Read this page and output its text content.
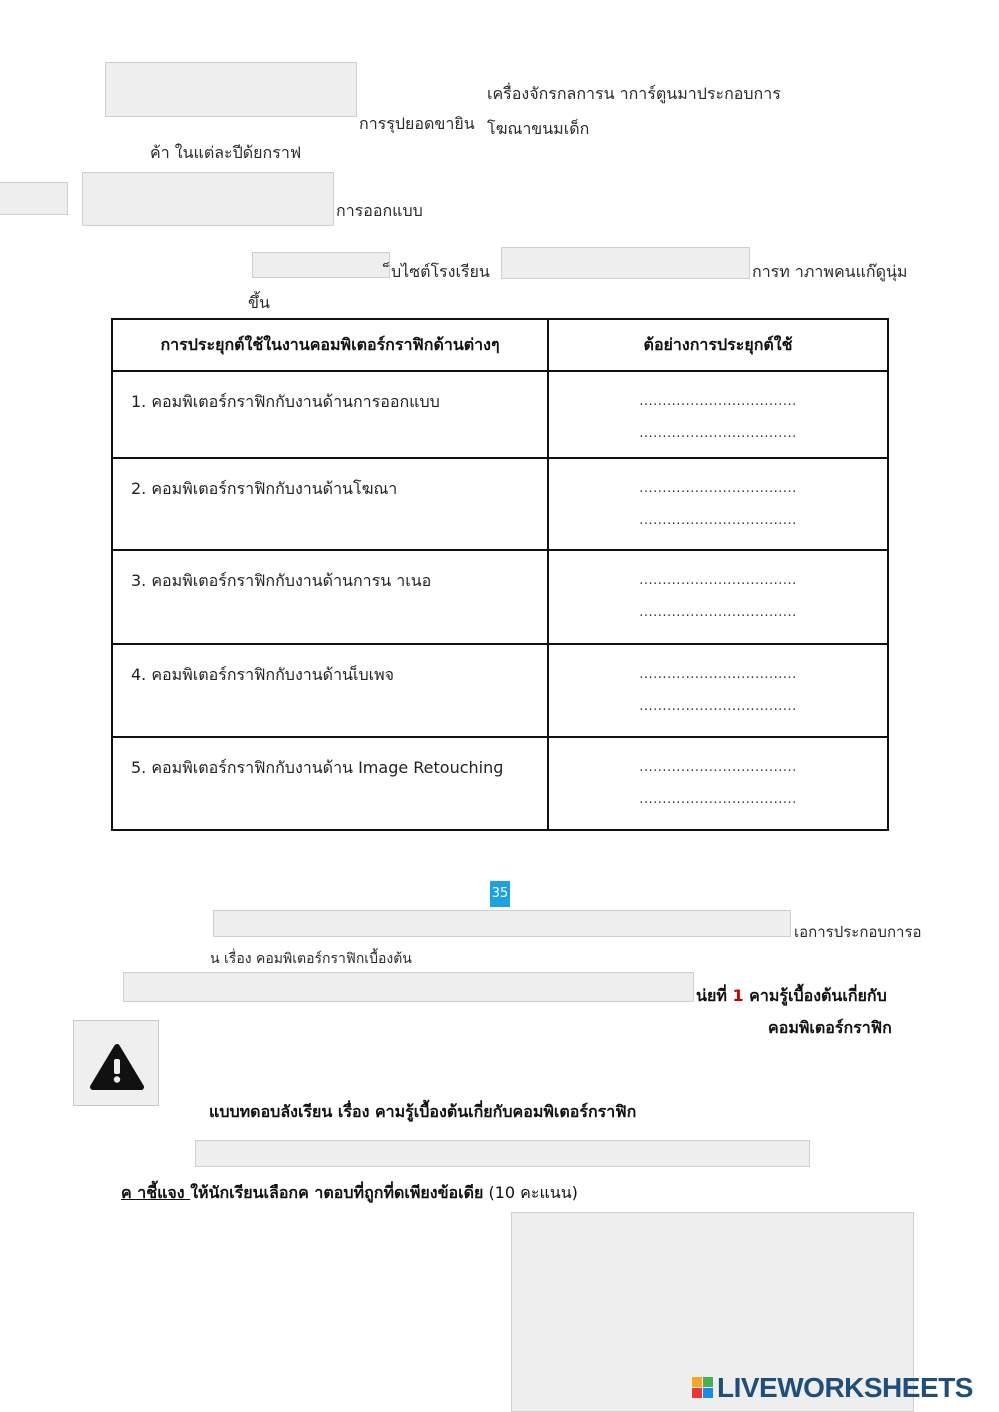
การรุปยอดขายิน
เครื่องจักรกลการน าการ์ตูนมาประกอบการ
โฆณาขนมเด็ก
ค้า ในแต่ละปีด้ยกราฟ
การออกแบบ
็บไซต์โรงเรียน	การท าภาพคนแก๊ดูนุ่ม
ขึ้น
การประยุกต์ใช้ในงานคอมพิเตอร์กราฟิกด้านต่างๆ	ต้อย่างการประยุกต์ใช้
1. คอมพิเตอร์กราฟิกกับงานด้านการออกแบบ	..................................
..................................

2. คอมพิเตอร์กราฟิกกับงานด้านโฆณา	..................................
..................................

3. คอมพิเตอร์กราฟิกกับงานด้านการน าเนอ	..................................
..................................

4. คอมพิเตอร์กราฟิกกับงานด้านเ็บเพจ	..................................
..................................

5. คอมพิเตอร์กราฟิกกับงานด้าน Image Retouchinɡ	..................................
..................................
35
เอการประกอบการอ
น เรื่อง คอมพิเตอร์กราฟิกเบื้องต้น
น่ยที่ 1 คามรู้เบื้องต้นเกี่ยกับ
คอมพิเตอร์กราฟิก
แบบทดอบลังเรียน เรื่อง คามรู้เบื้องต้นเกี่ยกับคอมพิเตอร์กราฟิก
ค าชี้แจง ให้นักเรียนเลือกค าตอบที่ถูกที่ดเพียงข้อเดีย (10 คะแนน)
LIVEWORKSHEETS
